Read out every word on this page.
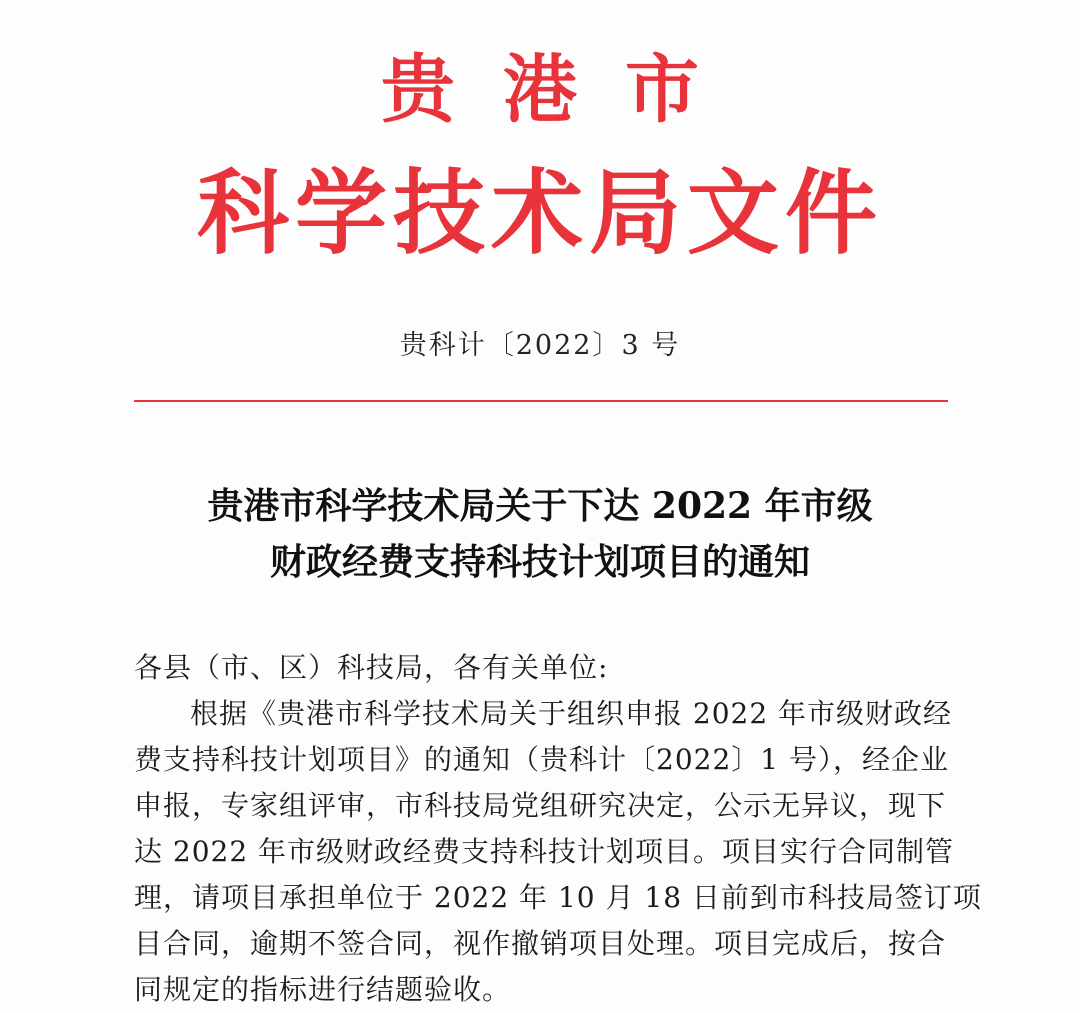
贵港市
科学技术局文件
贵科计〔2022〕3 号
贵港市科学技术局关于下达 2022 年市级
财政经费支持科技计划项目的通知

各县（市、区）科技局，各有关单位:

根据《贵港市科学技术局关于组织申报 2022 年市级财政经
费支持科技计划项目》的通知（贵科计〔2022〕1 号），经企业
申报，专家组评审，市科技局党组研究决定，公示无异议，现下
达 2022 年市级财政经费支持科技计划项目。项目实行合同制管
理，请项目承担单位于 2022 年 10 月 18 日前到市科技局签订项
目合同，逾期不签合同，视作撤销项目处理。项目完成后，按合
同规定的指标进行结题验收。
